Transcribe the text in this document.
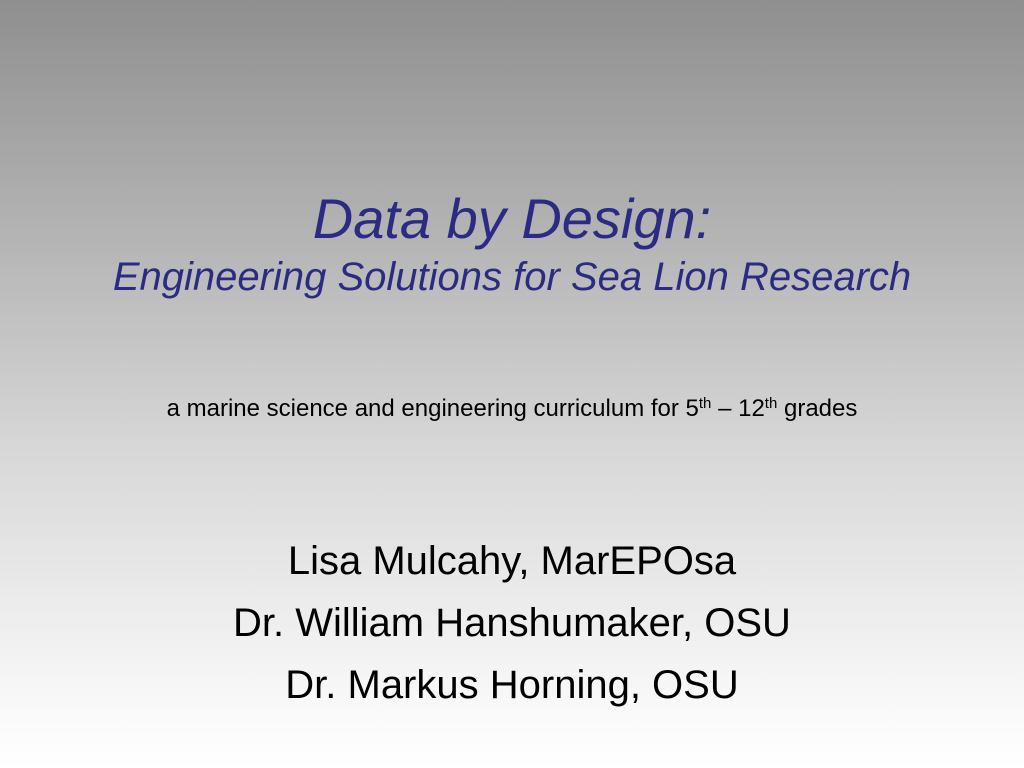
Data by Design:
Engineering Solutions for Sea Lion Research
a marine science and engineering curriculum for 5th – 12th grades
Lisa Mulcahy, MarEPOsa
Dr. William Hanshumaker, OSU
Dr. Markus Horning, OSU
